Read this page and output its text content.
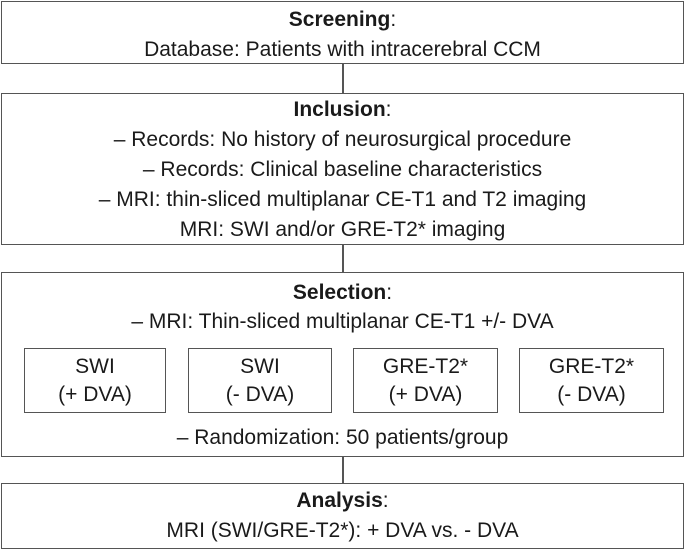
Screening:
Database: Patients with intracerebral CCM
Inclusion:
– Records: No history of neurosurgical procedure
– Records: Clinical baseline characteristics
– MRI: thin-sliced multiplanar CE-T1 and T2 imaging
MRI: SWI and/or GRE-T2* imaging
Selection:
– MRI: Thin-sliced multiplanar CE-T1 +/- DVA
SWI
(+ DVA)
SWI
(- DVA)
GRE-T2*
(+ DVA)
GRE-T2*
(- DVA)
– Randomization: 50 patients/group
Analysis:
MRI (SWI/GRE-T2*): + DVA vs. - DVA
